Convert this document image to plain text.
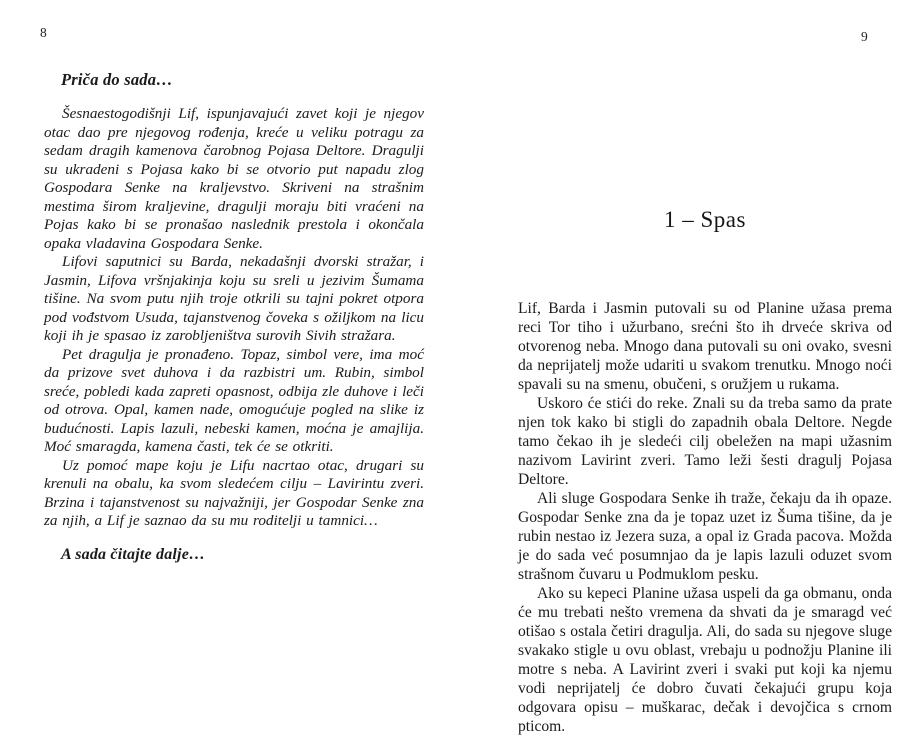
8
Priča do sada…

Šesnaestogodišnji Lif, ispunjavajući zavet koji je njegov otac dao pre njegovog rođenja, kreće u veliku potragu za sedam dragih kamenova čarobnog Pojasa Deltore. Dragulji su ukradeni s Pojasa kako bi se otvorio put napadu zlog Gospodara Senke na kraljevstvo. Skriveni na strašnim mestima širom kraljevine, dragulji moraju biti vraćeni na Pojas kako bi se pronašao naslednik prestola i okončala opaka vladavina Gospodara Senke.

Lifovi saputnici su Barda, nekadašnji dvorski stražar, i Jasmin, Lifova vršnjakinja koju su sreli u jezivim Šumama tišine. Na svom putu njih troje otkrili su tajni pokret otpora pod vođstvom Usuda, tajanstvenog čoveka s ožiljkom na licu koji ih je spasao iz zarobljeništva surovih Sivih stražara.

Pet dragulja je pronađeno. Topaz, simbol vere, ima moć da prizove svet duhova i da razbistri um. Rubin, simbol sreće, pobledi kada zapreti opasnost, odbija zle duhove i leči od otrova. Opal, kamen nade, omogućuje pogled na slike iz budućnosti. Lapis lazuli, nebeski kamen, moćna je amajlija. Moć smaragda, kamena časti, tek će se otkriti.

Uz pomoć mape koju je Lifu nacrtao otac, drugari su krenuli na obalu, ka svom sledećem cilju – Lavirintu zveri. Brzina i tajanstvenost su najvažniji, jer Gospodar Senke zna za njih, a Lif je saznao da su mu roditelji u tamnici…

A sada čitajte dalje…

9
1 – Spas

Lif, Barda i Jasmin putovali su od Planine užasa prema reci Tor tiho i užurbano, srećni što ih drveće skriva od otvorenog neba. Mnogo dana putovali su oni ovako, svesni da neprijatelj može udariti u svakom trenutku. Mnogo noći spavali su na smenu, obučeni, s oružjem u rukama.

Uskoro će stići do reke. Znali su da treba samo da prate njen tok kako bi stigli do zapadnih obala Deltore. Negde tamo čekao ih je sledeći cilj obeležen na mapi užasnim nazivom Lavirint zveri. Tamo leži šesti dragulj Pojasa Deltore.

Ali sluge Gospodara Senke ih traže, čekaju da ih opaze. Gospodar Senke zna da je topaz uzet iz Šuma tišine, da je rubin nestao iz Jezera suza, a opal iz Grada pacova. Možda je do sada već posumnjao da je lapis lazuli oduzet svom strašnom čuvaru u Podmuklom pesku.

Ako su kepeci Planine užasa uspeli da ga obmanu, onda će mu trebati nešto vremena da shvati da je smaragd već otišao s ostala četiri dragulja. Ali, do sada su njegove sluge svakako stigle u ovu oblast, vrebaju u podnožju Planine ili motre s neba. A Lavirint zveri i svaki put koji ka njemu vodi neprijatelj će dobro čuvati čekajući grupu koja odgovara opisu – muškarac, dečak i devojčica s crnom pticom.
